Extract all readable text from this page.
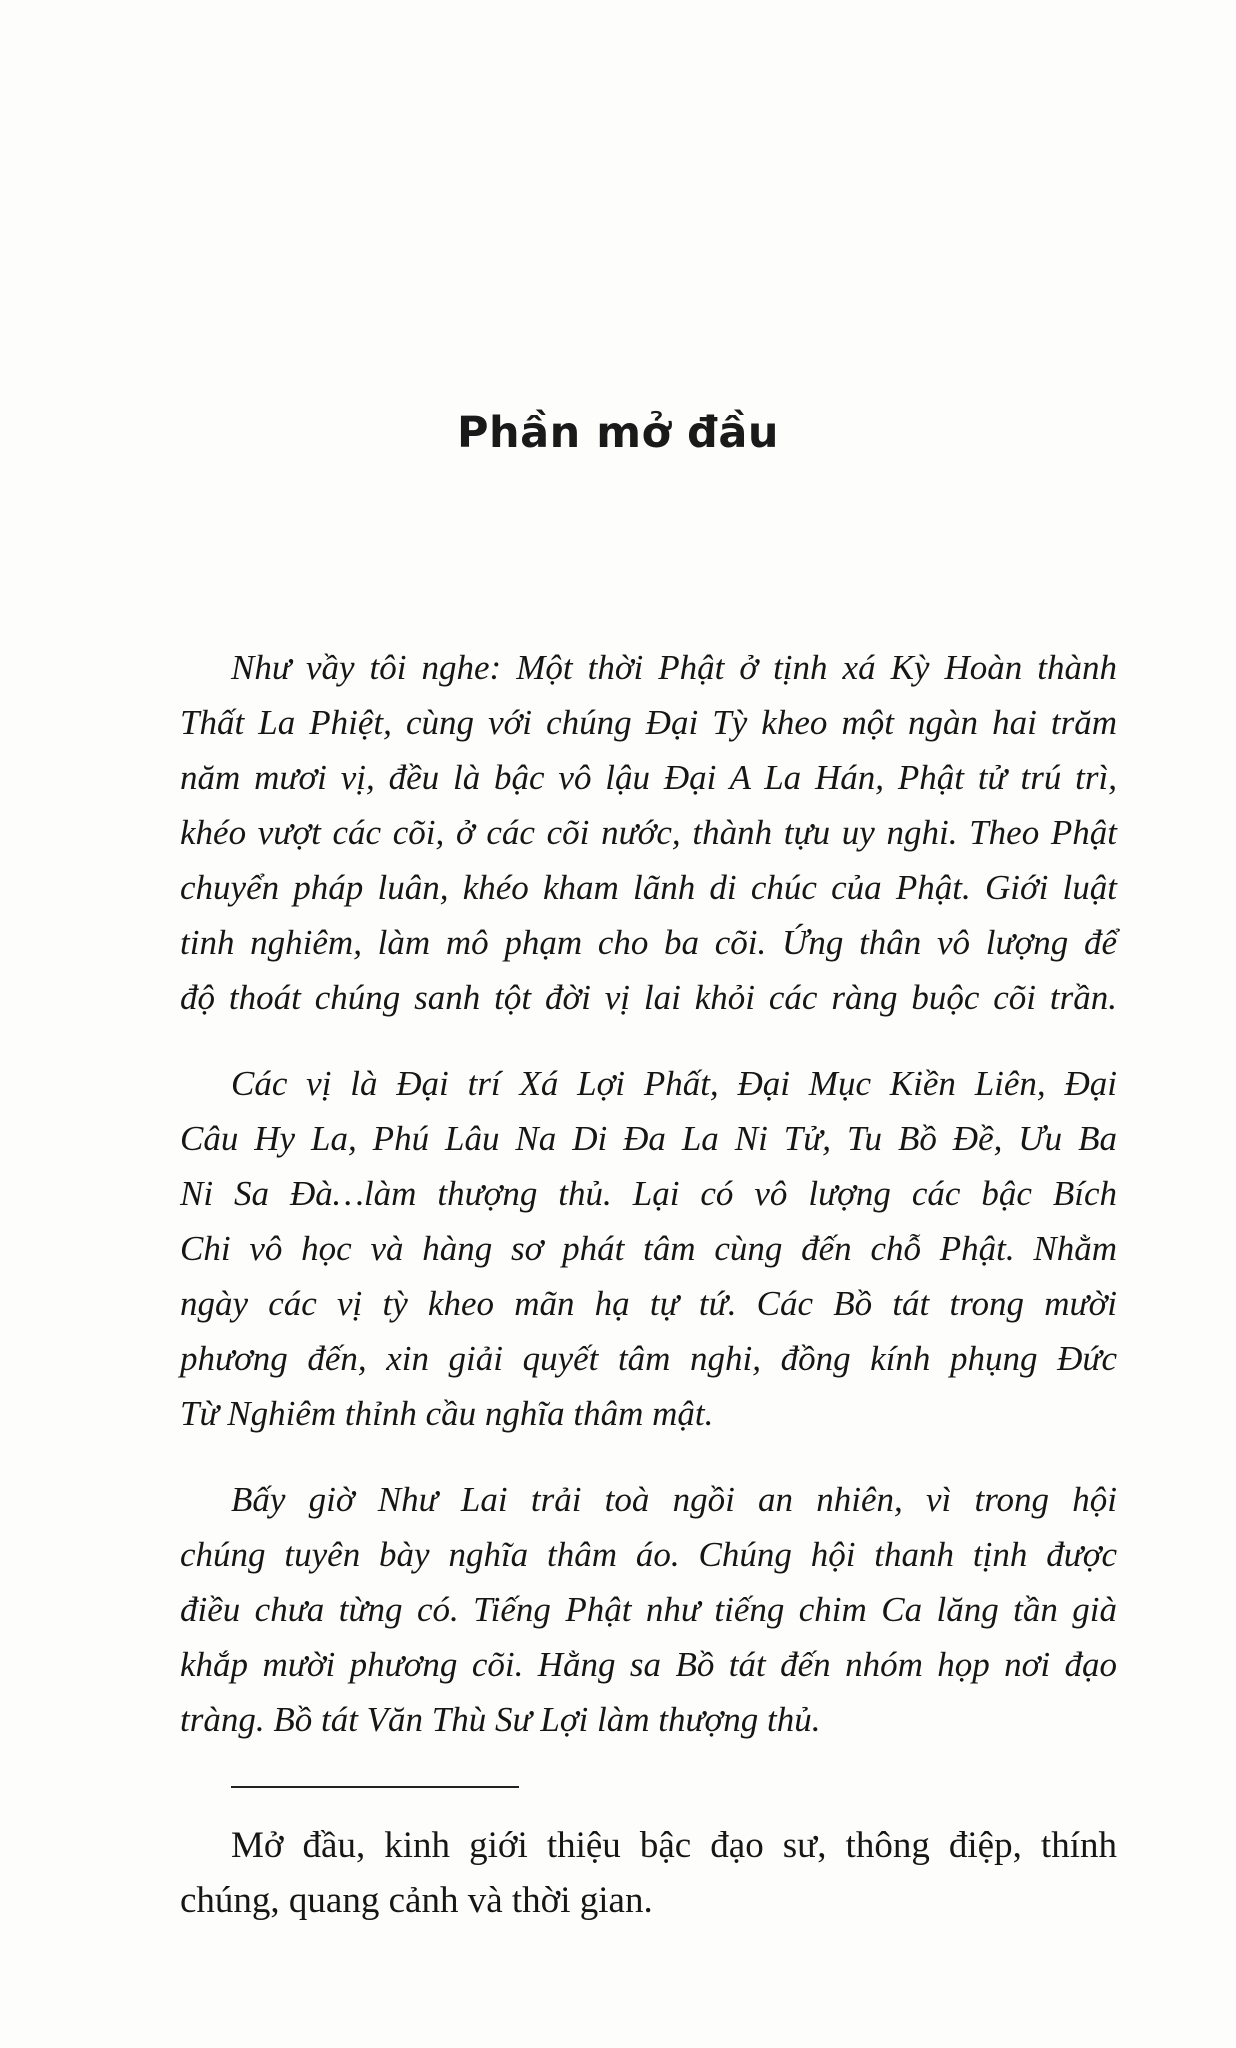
Phần mở đầu
Như vầy tôi nghe: Một thời Phật ở tịnh xá Kỳ Hoàn thành
Thất La Phiệt, cùng với chúng Đại Tỳ kheo một ngàn hai trăm
năm mươi vị, đều là bậc vô lậu Đại A La Hán, Phật tử trú trì,
khéo vượt các cõi, ở các cõi nước, thành tựu uy nghi. Theo Phật
chuyển pháp luân, khéo kham lãnh di chúc của Phật. Giới luật
tinh nghiêm, làm mô phạm cho ba cõi. Ứng thân vô lượng để
độ thoát chúng sanh tột đời vị lai khỏi các ràng buộc cõi trần.
Các vị là Đại trí Xá Lợi Phất, Đại Mục Kiền Liên, Đại
Câu Hy La, Phú Lâu Na Di Đa La Ni Tử, Tu Bồ Đề, Ưu Ba
Ni Sa Đà…làm thượng thủ. Lại có vô lượng các bậc Bích
Chi vô học và hàng sơ phát tâm cùng đến chỗ Phật. Nhằm
ngày các vị tỳ kheo mãn hạ tự tứ. Các Bồ tát trong mười
phương đến, xin giải quyết tâm nghi, đồng kính phụng Đức
Từ Nghiêm thỉnh cầu nghĩa thâm mật.
Bấy giờ Như Lai trải toà ngồi an nhiên, vì trong hội
chúng tuyên bày nghĩa thâm áo. Chúng hội thanh tịnh được
điều chưa từng có. Tiếng Phật như tiếng chim Ca lăng tần già
khắp mười phương cõi. Hằng sa Bồ tát đến nhóm họp nơi đạo
tràng. Bồ tát Văn Thù Sư Lợi làm thượng thủ.
Mở đầu, kinh giới thiệu bậc đạo sư, thông điệp, thính
chúng, quang cảnh và thời gian.
